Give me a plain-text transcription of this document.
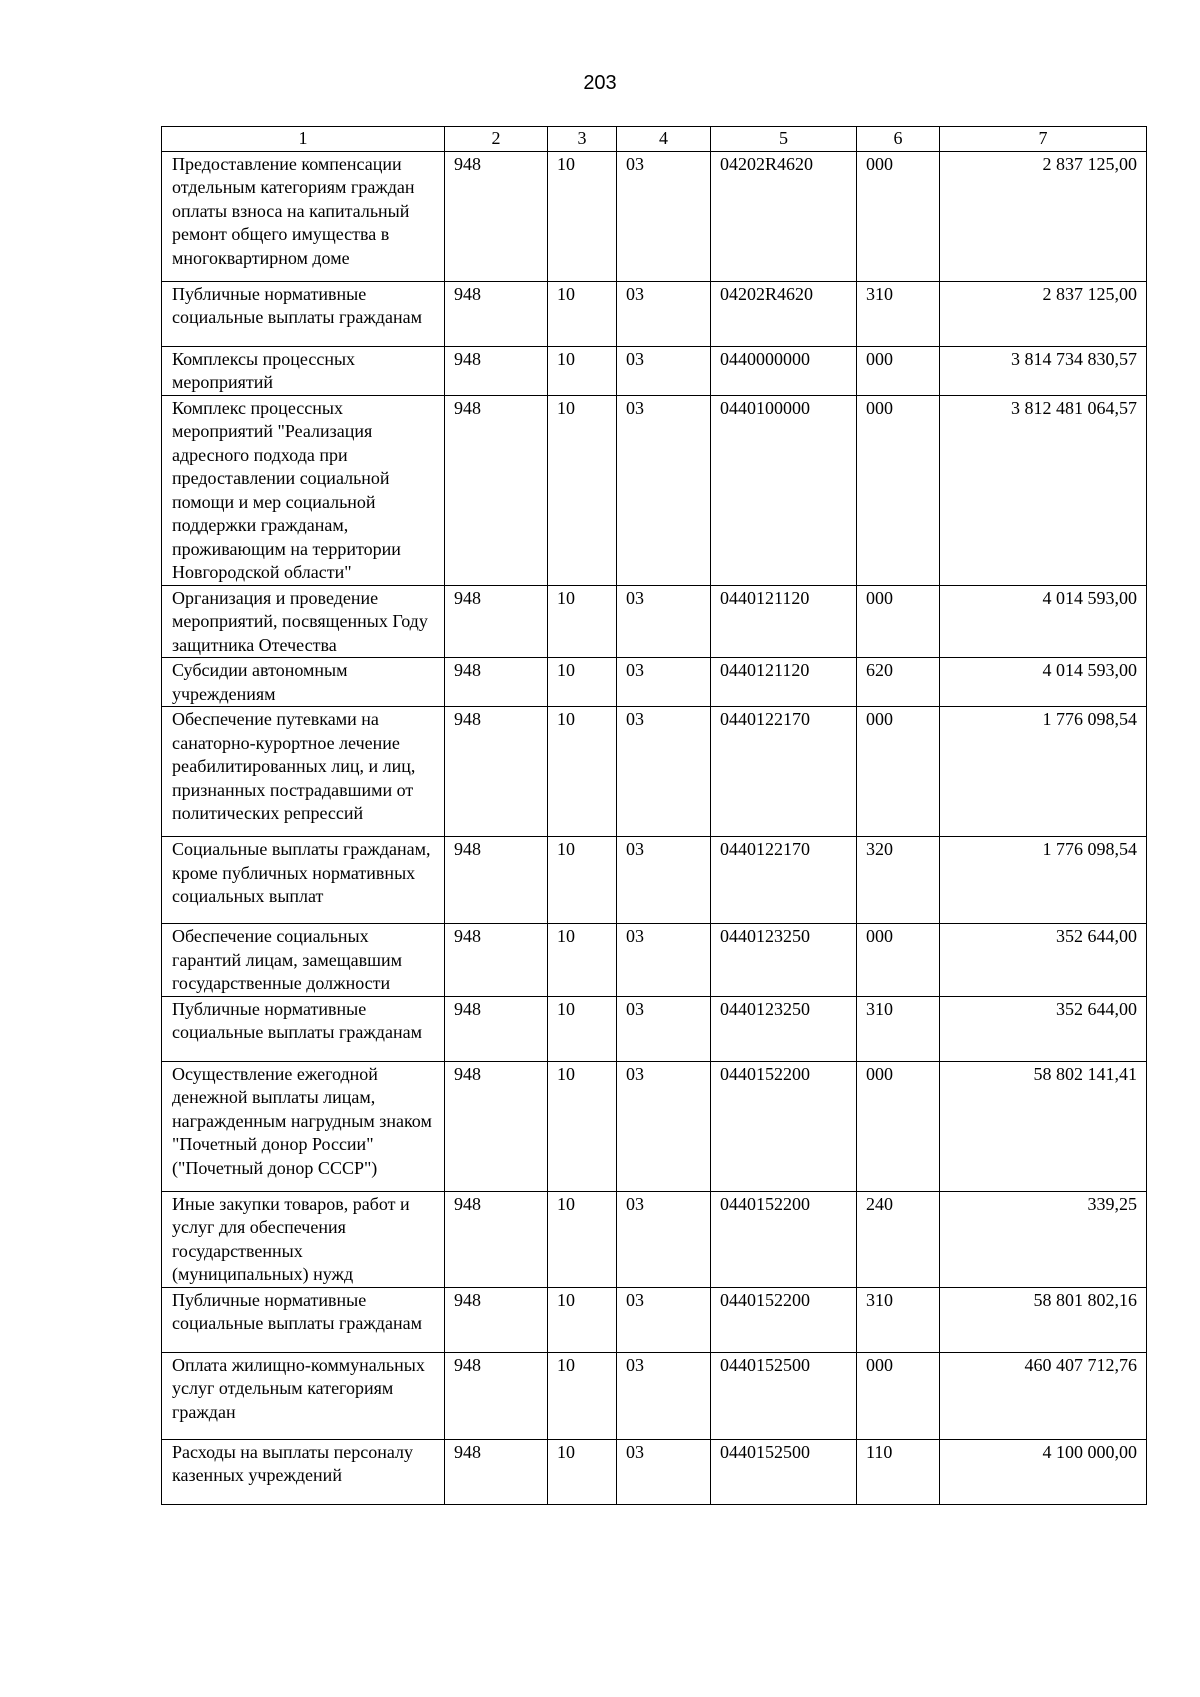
203
1	2	3	4	5	6	7
Предоставление компенсации отдельным категориям граждан оплаты взноса на капитальный ремонт общего имущества в многоквартирном доме	948	10	03	04202R4620	000	2 837 125,00
Публичные нормативные социальные выплаты гражданам	948	10	03	04202R4620	310	2 837 125,00
Комплексы процессных мероприятий	948	10	03	0440000000	000	3 814 734 830,57
Комплекс процессных мероприятий "Реализация адресного подхода при предоставлении социальной помощи и мер социальной поддержки гражданам, проживающим на территории Новгородской области"	948	10	03	0440100000	000	3 812 481 064,57
Организация и проведение мероприятий, посвященных Году защитника Отечества	948	10	03	0440121120	000	4 014 593,00
Субсидии автономным учреждениям	948	10	03	0440121120	620	4 014 593,00
Обеспечение путевками на санаторно-курортное лечение реабилитированных лиц, и лиц, признанных пострадавшими от политических репрессий	948	10	03	0440122170	000	1 776 098,54
Социальные выплаты гражданам, кроме публичных нормативных социальных выплат	948	10	03	0440122170	320	1 776 098,54
Обеспечение социальных гарантий лицам, замещавшим государственные должности	948	10	03	0440123250	000	352 644,00
Публичные нормативные социальные выплаты гражданам	948	10	03	0440123250	310	352 644,00
Осуществление ежегодной денежной выплаты лицам, награжденным нагрудным знаком "Почетный донор России" ("Почетный донор СССР")	948	10	03	0440152200	000	58 802 141,41
Иные закупки товаров, работ и услуг для обеспечения государственных (муниципальных) нужд	948	10	03	0440152200	240	339,25
Публичные нормативные социальные выплаты гражданам	948	10	03	0440152200	310	58 801 802,16
Оплата жилищно-коммунальных услуг отдельным категориям граждан	948	10	03	0440152500	000	460 407 712,76
Расходы на выплаты персоналу казенных учреждений	948	10	03	0440152500	110	4 100 000,00
